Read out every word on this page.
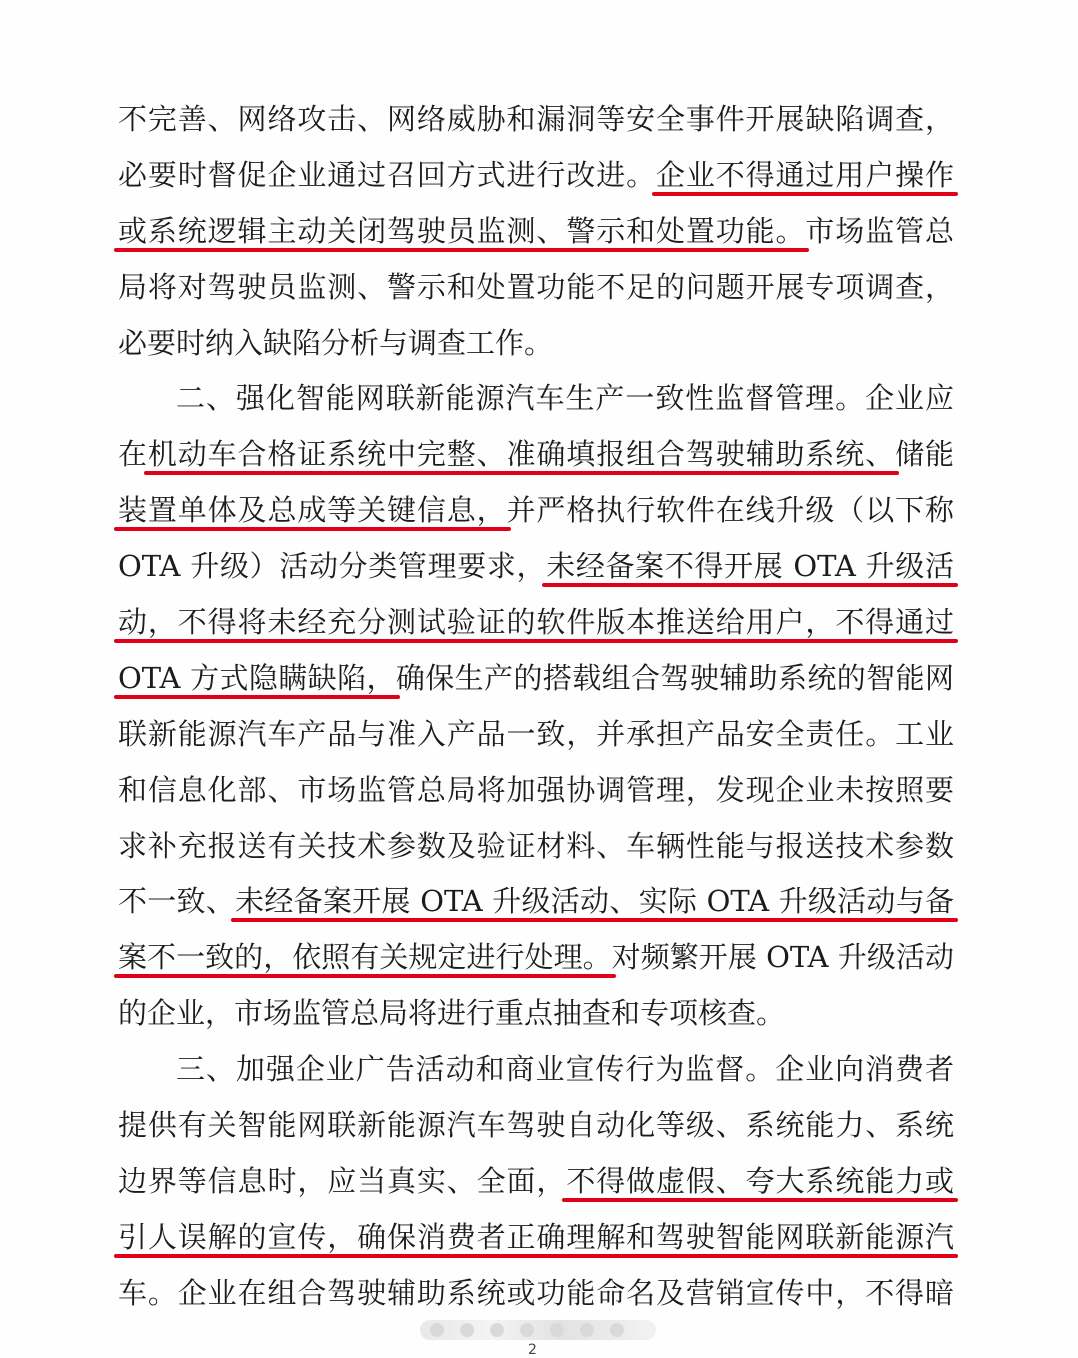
不完善、网络攻击、网络威胁和漏洞等安全事件开展缺陷调查，
必要时督促企业通过召回方式进行改进。企业不得通过用户操作
或系统逻辑主动关闭驾驶员监测、警示和处置功能。市场监管总
局将对驾驶员监测、警示和处置功能不足的问题开展专项调查，
必要时纳入缺陷分析与调查工作。
二、强化智能网联新能源汽车生产一致性监督管理。企业应
在机动车合格证系统中完整、准确填报组合驾驶辅助系统、储能
装置单体及总成等关键信息，并严格执行软件在线升级（以下称
OTA 升级）活动分类管理要求，未经备案不得开展 OTA 升级活
动，不得将未经充分测试验证的软件版本推送给用户，不得通过
OTA 方式隐瞒缺陷，确保生产的搭载组合驾驶辅助系统的智能网
联新能源汽车产品与准入产品一致，并承担产品安全责任。工业
和信息化部、市场监管总局将加强协调管理，发现企业未按照要
求补充报送有关技术参数及验证材料、车辆性能与报送技术参数
不一致、未经备案开展 OTA 升级活动、实际 OTA 升级活动与备
案不一致的，依照有关规定进行处理。对频繁开展 OTA 升级活动
的企业，市场监管总局将进行重点抽查和专项核查。
三、加强企业广告活动和商业宣传行为监督。企业向消费者
提供有关智能网联新能源汽车驾驶自动化等级、系统能力、系统
边界等信息时，应当真实、全面，不得做虚假、夸大系统能力或
引人误解的宣传，确保消费者正确理解和驾驶智能网联新能源汽
车。企业在组合驾驶辅助系统或功能命名及营销宣传中，不得暗
2
